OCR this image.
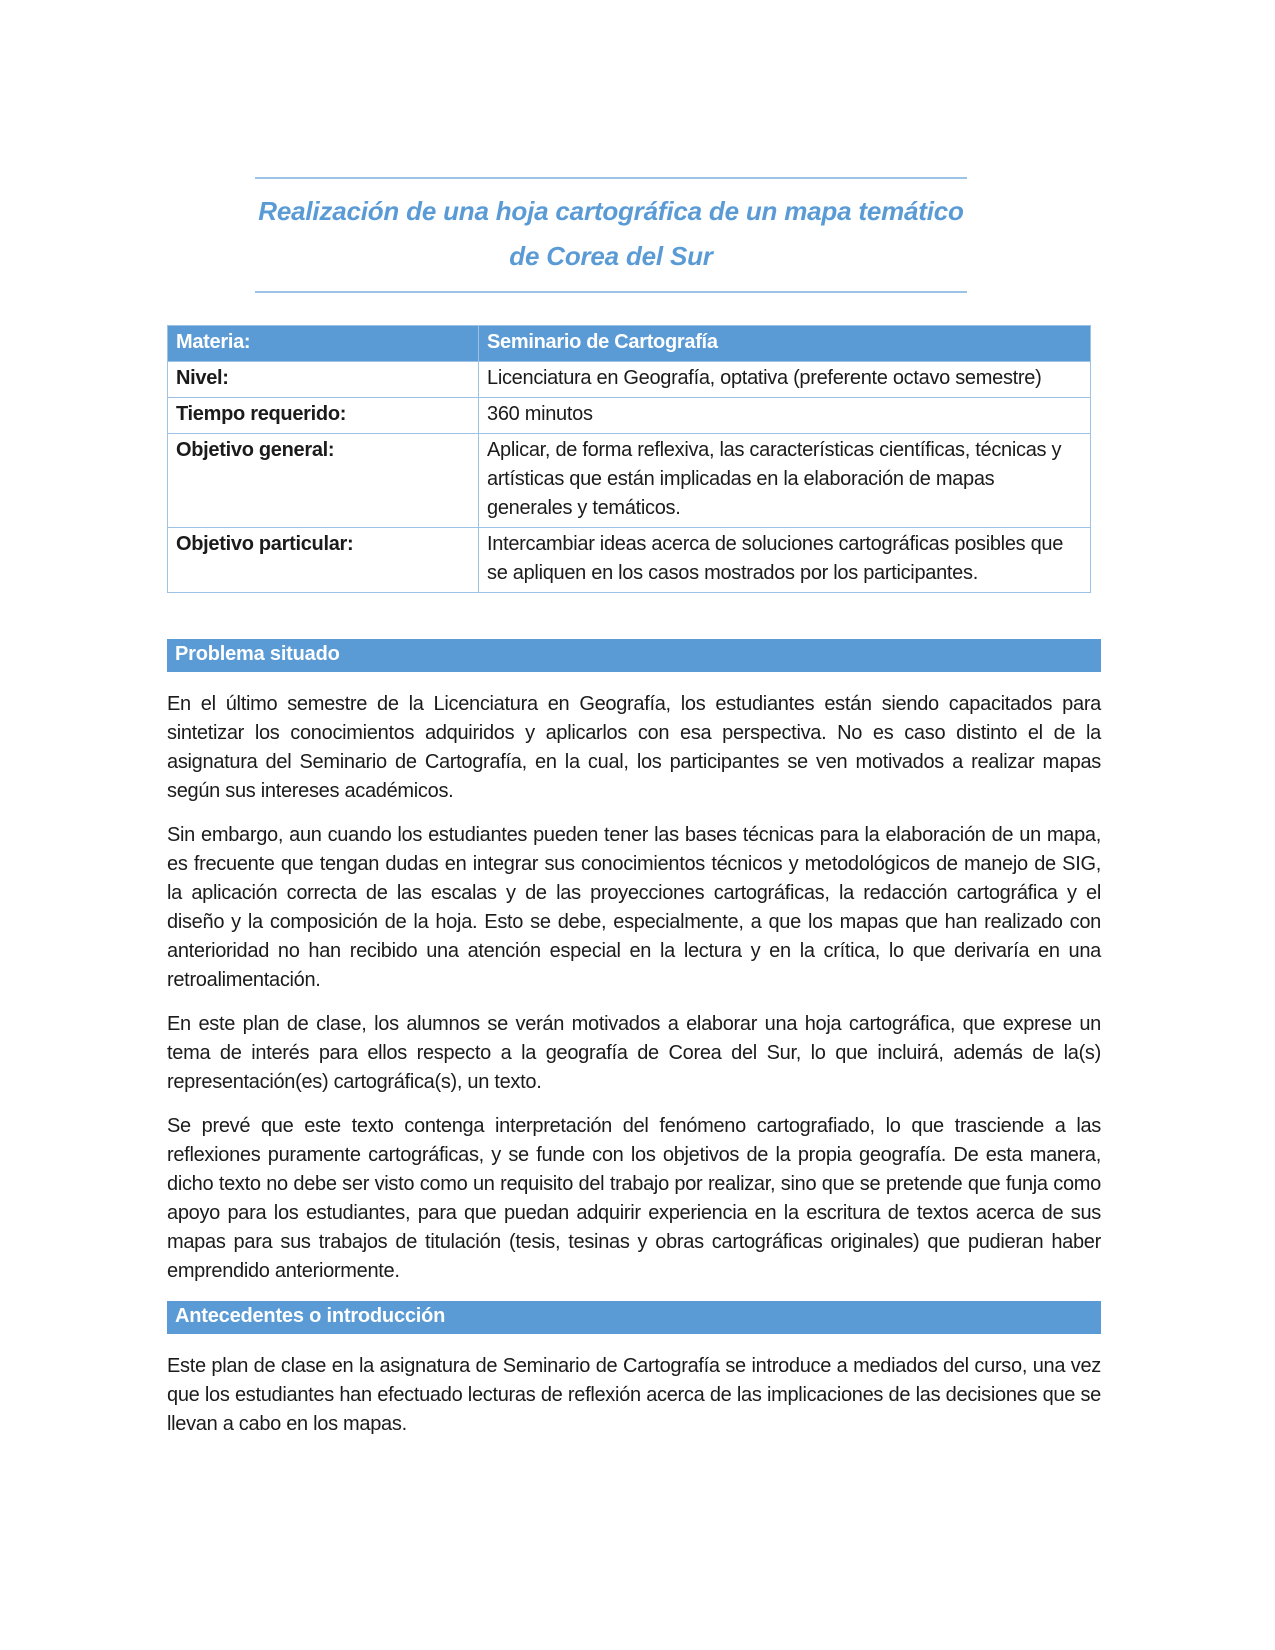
Realización de una hoja cartográfica de un mapa temático
de Corea del Sur
Materia:	Seminario de Cartografía
Nivel:	Licenciatura en Geografía, optativa (preferente octavo semestre)
Tiempo requerido:	360 minutos
Objetivo general:	Aplicar, de forma reflexiva, las características científicas, técnicas y artísticas que están implicadas en la elaboración de mapas generales y temáticos.
Objetivo particular:	Intercambiar ideas acerca de soluciones cartográficas posibles que se apliquen en los casos mostrados por los participantes.
Problema situado

En el último semestre de la Licenciatura en Geografía, los estudiantes están siendo capacitados para sintetizar los conocimientos adquiridos y aplicarlos con esa perspectiva. No es caso distinto el de la asignatura del Seminario de Cartografía, en la cual, los participantes se ven motivados a realizar mapas según sus intereses académicos.

Sin embargo, aun cuando los estudiantes pueden tener las bases técnicas para la elaboración de un mapa, es frecuente que tengan dudas en integrar sus conocimientos técnicos y metodológicos de manejo de SIG, la aplicación correcta de las escalas y de las proyecciones cartográficas, la redacción cartográfica y el diseño y la composición de la hoja. Esto se debe, especialmente, a que los mapas que han realizado con anterioridad no han recibido una atención especial en la lectura y en la crítica, lo que derivaría en una retroalimentación.

En este plan de clase, los alumnos se verán motivados a elaborar una hoja cartográfica, que exprese un tema de interés para ellos respecto a la geografía de Corea del Sur, lo que incluirá, además de la(s) representación(es) cartográfica(s), un texto.

Se prevé que este texto contenga interpretación del fenómeno cartografiado, lo que trasciende a las reflexiones puramente cartográficas, y se funde con los objetivos de la propia geografía. De esta manera, dicho texto no debe ser visto como un requisito del trabajo por realizar, sino que se pretende que funja como apoyo para los estudiantes, para que puedan adquirir experiencia en la escritura de textos acerca de sus mapas para sus trabajos de titulación (tesis, tesinas y obras cartográficas originales) que pudieran haber emprendido anteriormente.

Antecedentes o introducción

Este plan de clase en la asignatura de Seminario de Cartografía se introduce a mediados del curso, una vez que los estudiantes han efectuado lecturas de reflexión acerca de las implicaciones de las decisiones que se llevan a cabo en los mapas.
